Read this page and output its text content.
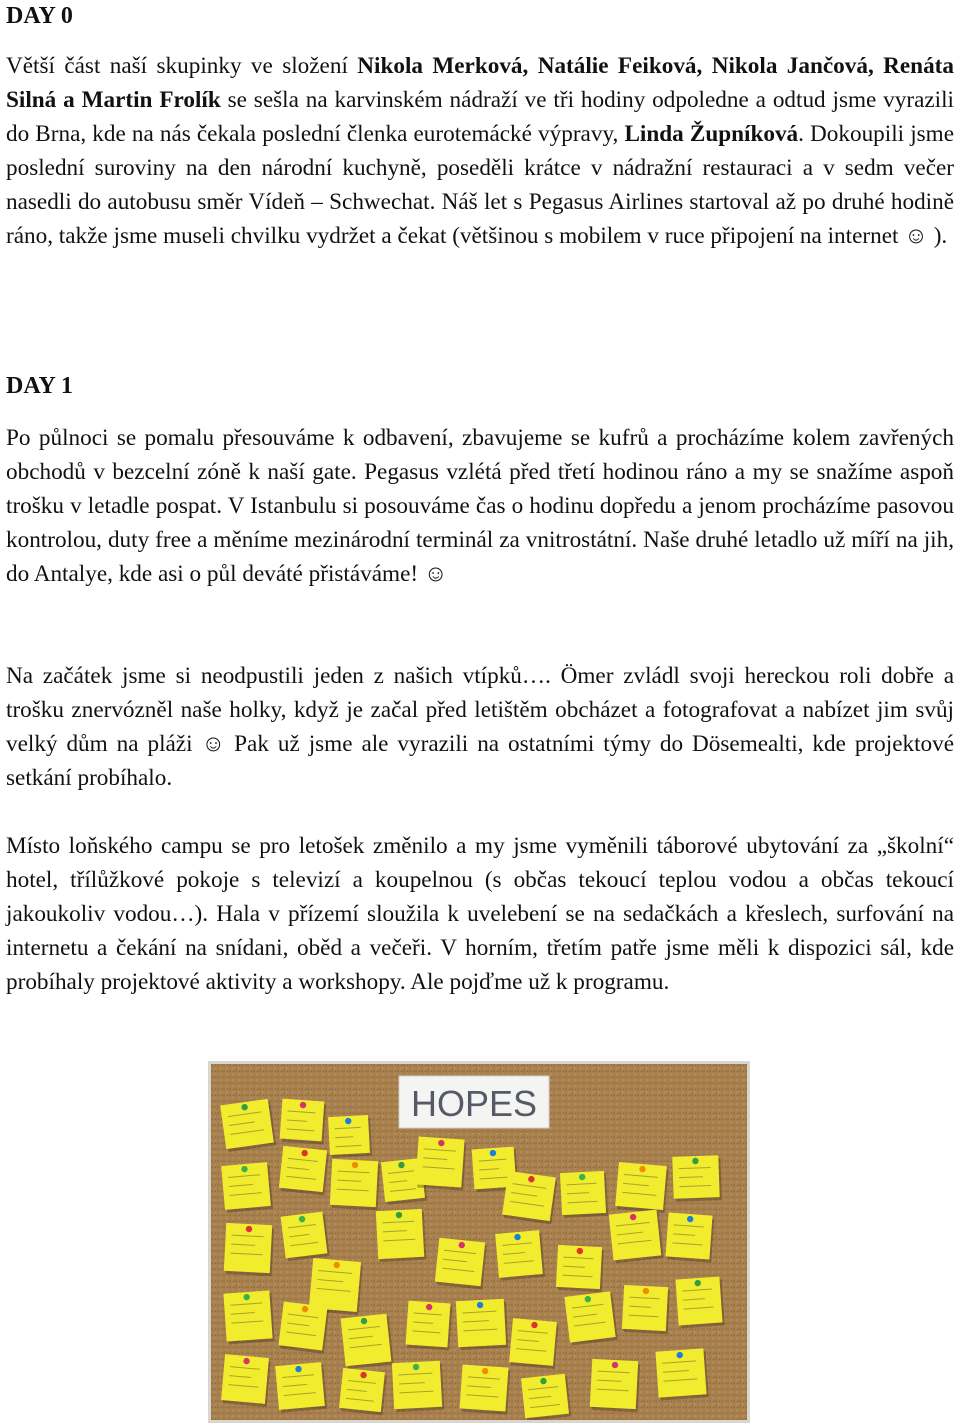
DAY 0

Větší část naší skupinky ve složení Nikola Merková, Natálie Feiková, Nikola Jančová, Renáta Silná a Martin Frolík se sešla na karvinském nádraží ve tři hodiny odpoledne a odtud jsme vyrazili do Brna, kde na nás čekala poslední členka eurotemácké výpravy, Linda Župníková. Dokoupili jsme poslední suroviny na den národní kuchyně, poseděli krátce v nádražní restauraci a v sedm večer nasedli do autobusu směr Vídeň – Schwechat. Náš let s Pegasus Airlines startoval až po druhé hodině ráno, takže jsme museli chvilku vydržet a čekat (většinou s mobilem v ruce připojení na internet ☺ ).

DAY 1

Po půlnoci se pomalu přesouváme k odbavení, zbavujeme se kufrů a procházíme kolem zavřených obchodů v bezcelní zóně k naší gate. Pegasus vzlétá před třetí hodinou ráno a my se snažíme aspoň trošku v letadle pospat. V Istanbulu si posouváme čas o hodinu dopředu a jenom procházíme pasovou kontrolou, duty free a měníme mezinárodní terminál za vnitrostátní. Naše druhé letadlo už míří na jih, do Antalye, kde asi o půl deváté přistáváme! ☺

Na začátek jsme si neodpustili jeden z našich vtípků…. Ömer zvládl svoji hereckou roli dobře a trošku znervózněl naše holky, když je začal před letištěm obcházet a fotografovat a nabízet jim svůj velký dům na pláži ☺ Pak už jsme ale vyrazili na ostatními týmy do Dösemealti, kde projektové setkání probíhalo.

Místo loňského campu se pro letošek změnilo a my jsme vyměnili táborové ubytování za „školní“ hotel, třílůžkové pokoje s televizí a koupelnou (s občas tekoucí teplou vodou a občas tekoucí jakoukoliv vodou…). Hala v přízemí sloužila k uvelebení se na sedačkách a křeslech, surfování na internetu a čekání na snídani, oběd a večeři. V horním, třetím patře jsme měli k dispozici sál, kde probíhaly projektové aktivity a workshopy. Ale pojďme už k programu.

HOPES
